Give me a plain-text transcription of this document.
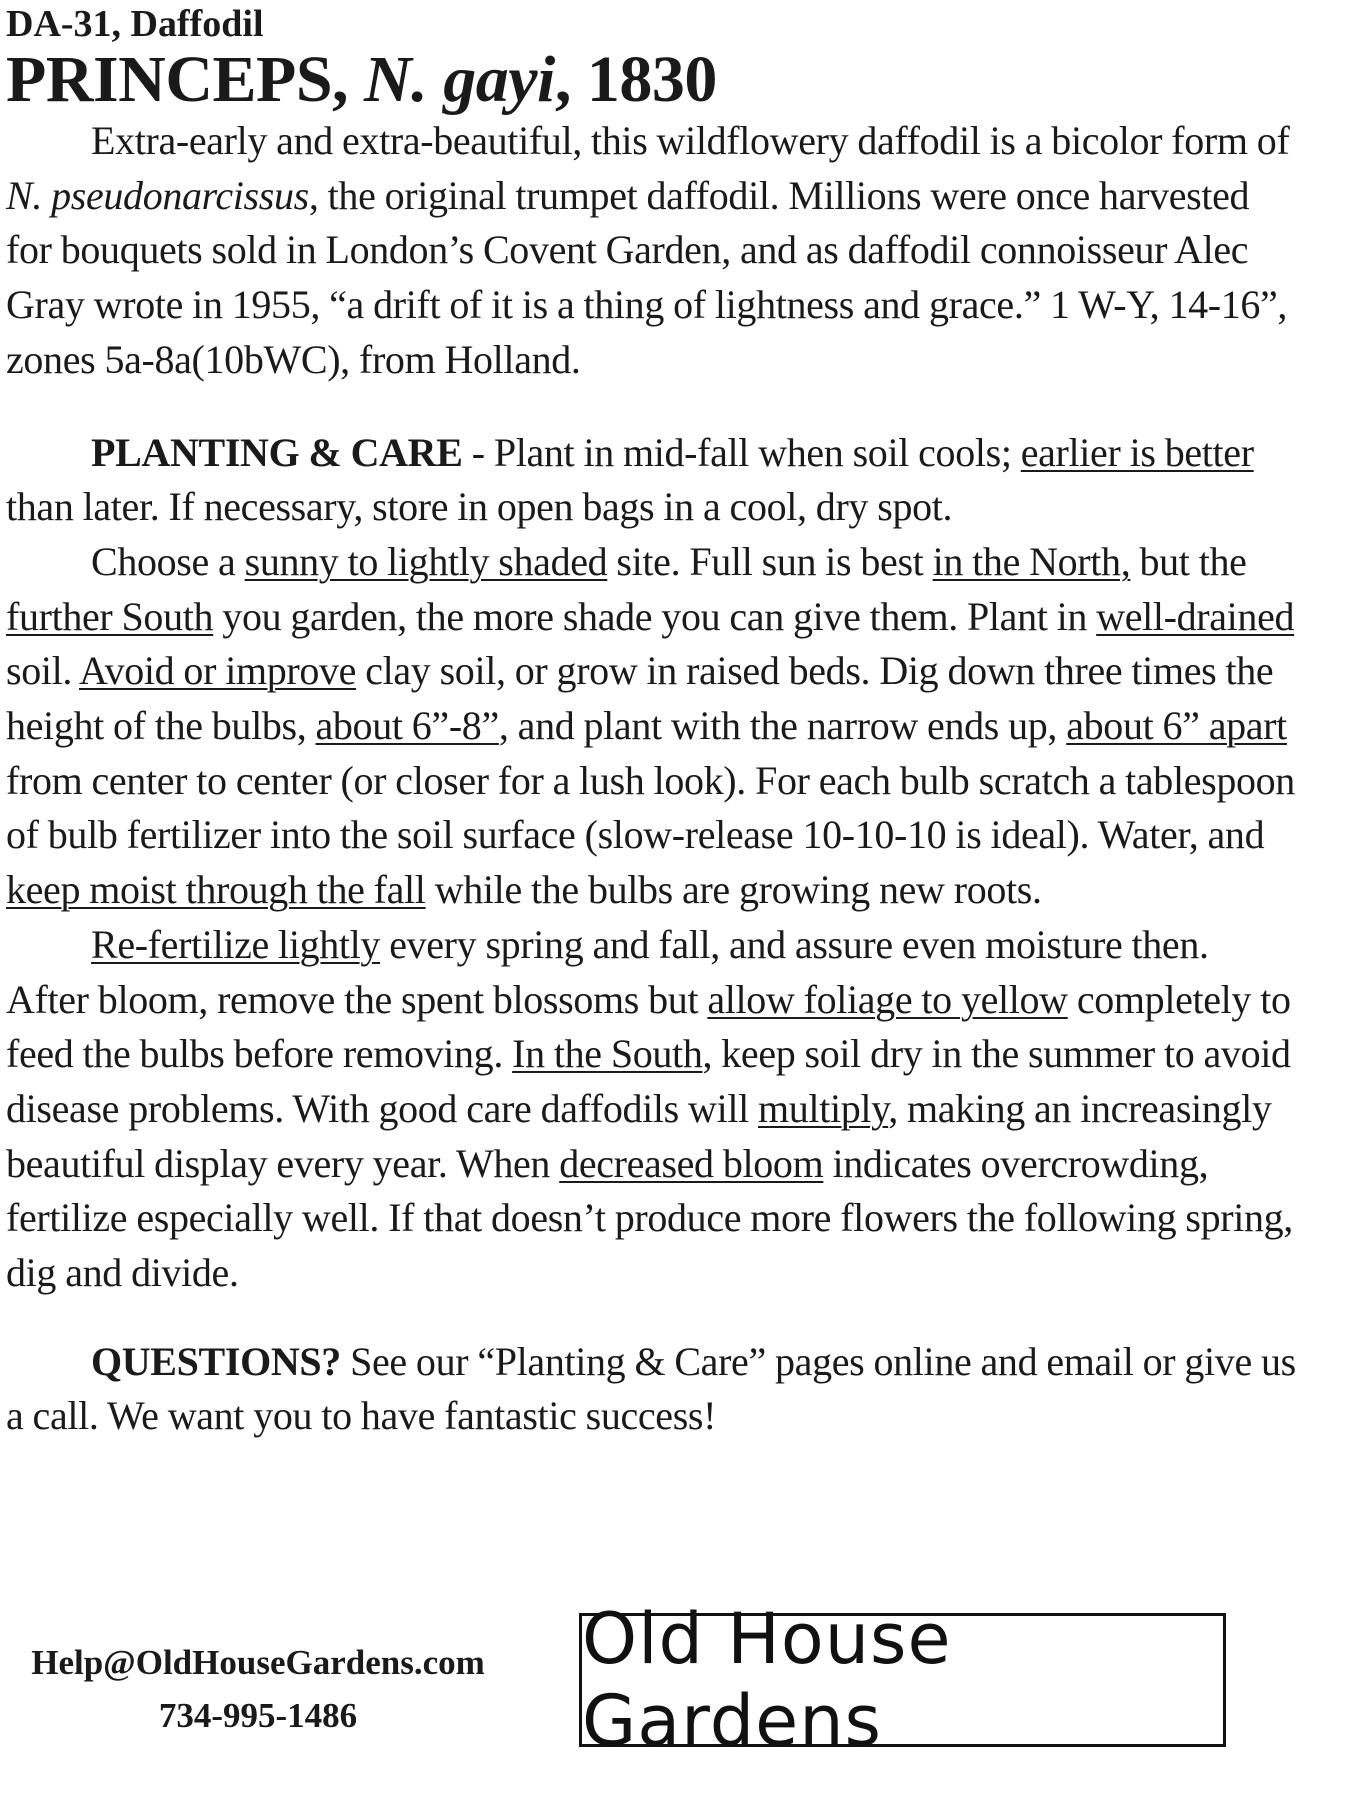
DA-31, Daffodil

PRINCEPS, N. gayi, 1830

Extra-early and extra-beautiful, this wildflowery daffodil is a bicolor form of N. pseudonarcissus, the original trumpet daffodil. Millions were once harvested for bouquets sold in London’s Covent Garden, and as daffodil connoisseur Alec Gray wrote in 1955, “a drift of it is a thing of lightness and grace.” 1 W-Y, 14-16”, zones 5a-8a(10bWC), from Holland.

PLANTING & CARE - Plant in mid-fall when soil cools; earlier is better than later. If necessary, store in open bags in a cool, dry spot.

Choose a sunny to lightly shaded site. Full sun is best in the North, but the further South you garden, the more shade you can give them. Plant in well-drained soil. Avoid or improve clay soil, or grow in raised beds. Dig down three times the height of the bulbs, about 6”-8”, and plant with the narrow ends up, about 6” apart from center to center (or closer for a lush look). For each bulb scratch a tablespoon of bulb fertilizer into the soil surface (slow-release 10-10-10 is ideal). Water, and keep moist through the fall while the bulbs are growing new roots.

Re-fertilize lightly every spring and fall, and assure even moisture then. After bloom, remove the spent blossoms but allow foliage to yellow completely to feed the bulbs before removing. In the South, keep soil dry in the summer to avoid disease problems. With good care daffodils will multiply, making an increasingly beautiful display every year. When decreased bloom indicates overcrowding, fertilize especially well. If that doesn’t produce more flowers the following spring, dig and divide.

QUESTIONS? See our “Planting & Care” pages online and email or give us a call. We want you to have fantastic success!

Help@OldHouseGardens.com
734-995-1486
Old House Gardens
